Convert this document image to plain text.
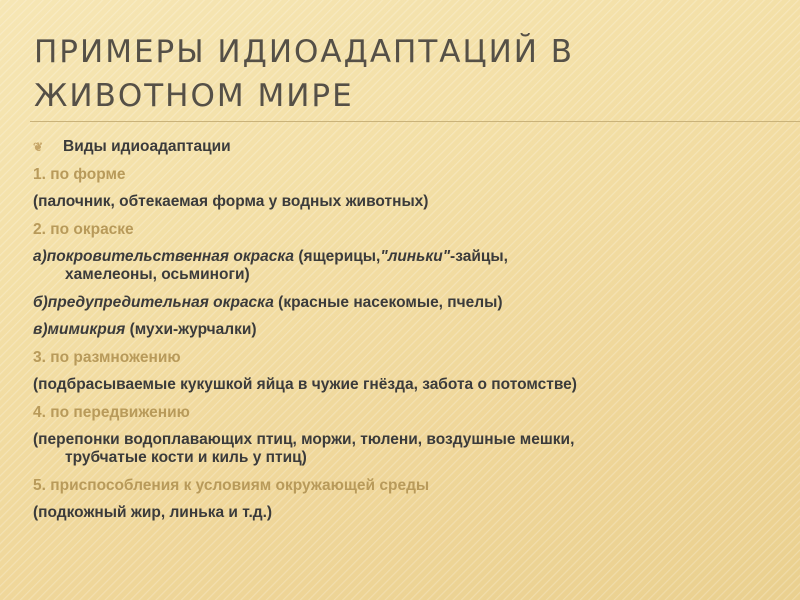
ПРИМЕРЫ ИДИОАДАПТАЦИЙ В ЖИВОТНОМ МИРЕ
❦	Виды идиоадаптации
1. по форме
(палочник, обтекаемая форма у водных животных)
2. по окраске
а)покровительственная окраска (ящерицы,"линьки"-зайцы,
хамелеоны, осьминоги)
б)предупредительная окраска (красные насекомые, пчелы)
в)мимикрия (мухи-журчалки)
3. по размножению
(подбрасываемые кукушкой яйца в чужие гнёзда, забота о потомстве)
4. по передвижению
(перепонки водоплавающих птиц, моржи, тюлени, воздушные мешки,
трубчатые кости и киль у птиц)
5. приспособления к условиям окружающей среды
(подкожный жир, линька и т.д.)
